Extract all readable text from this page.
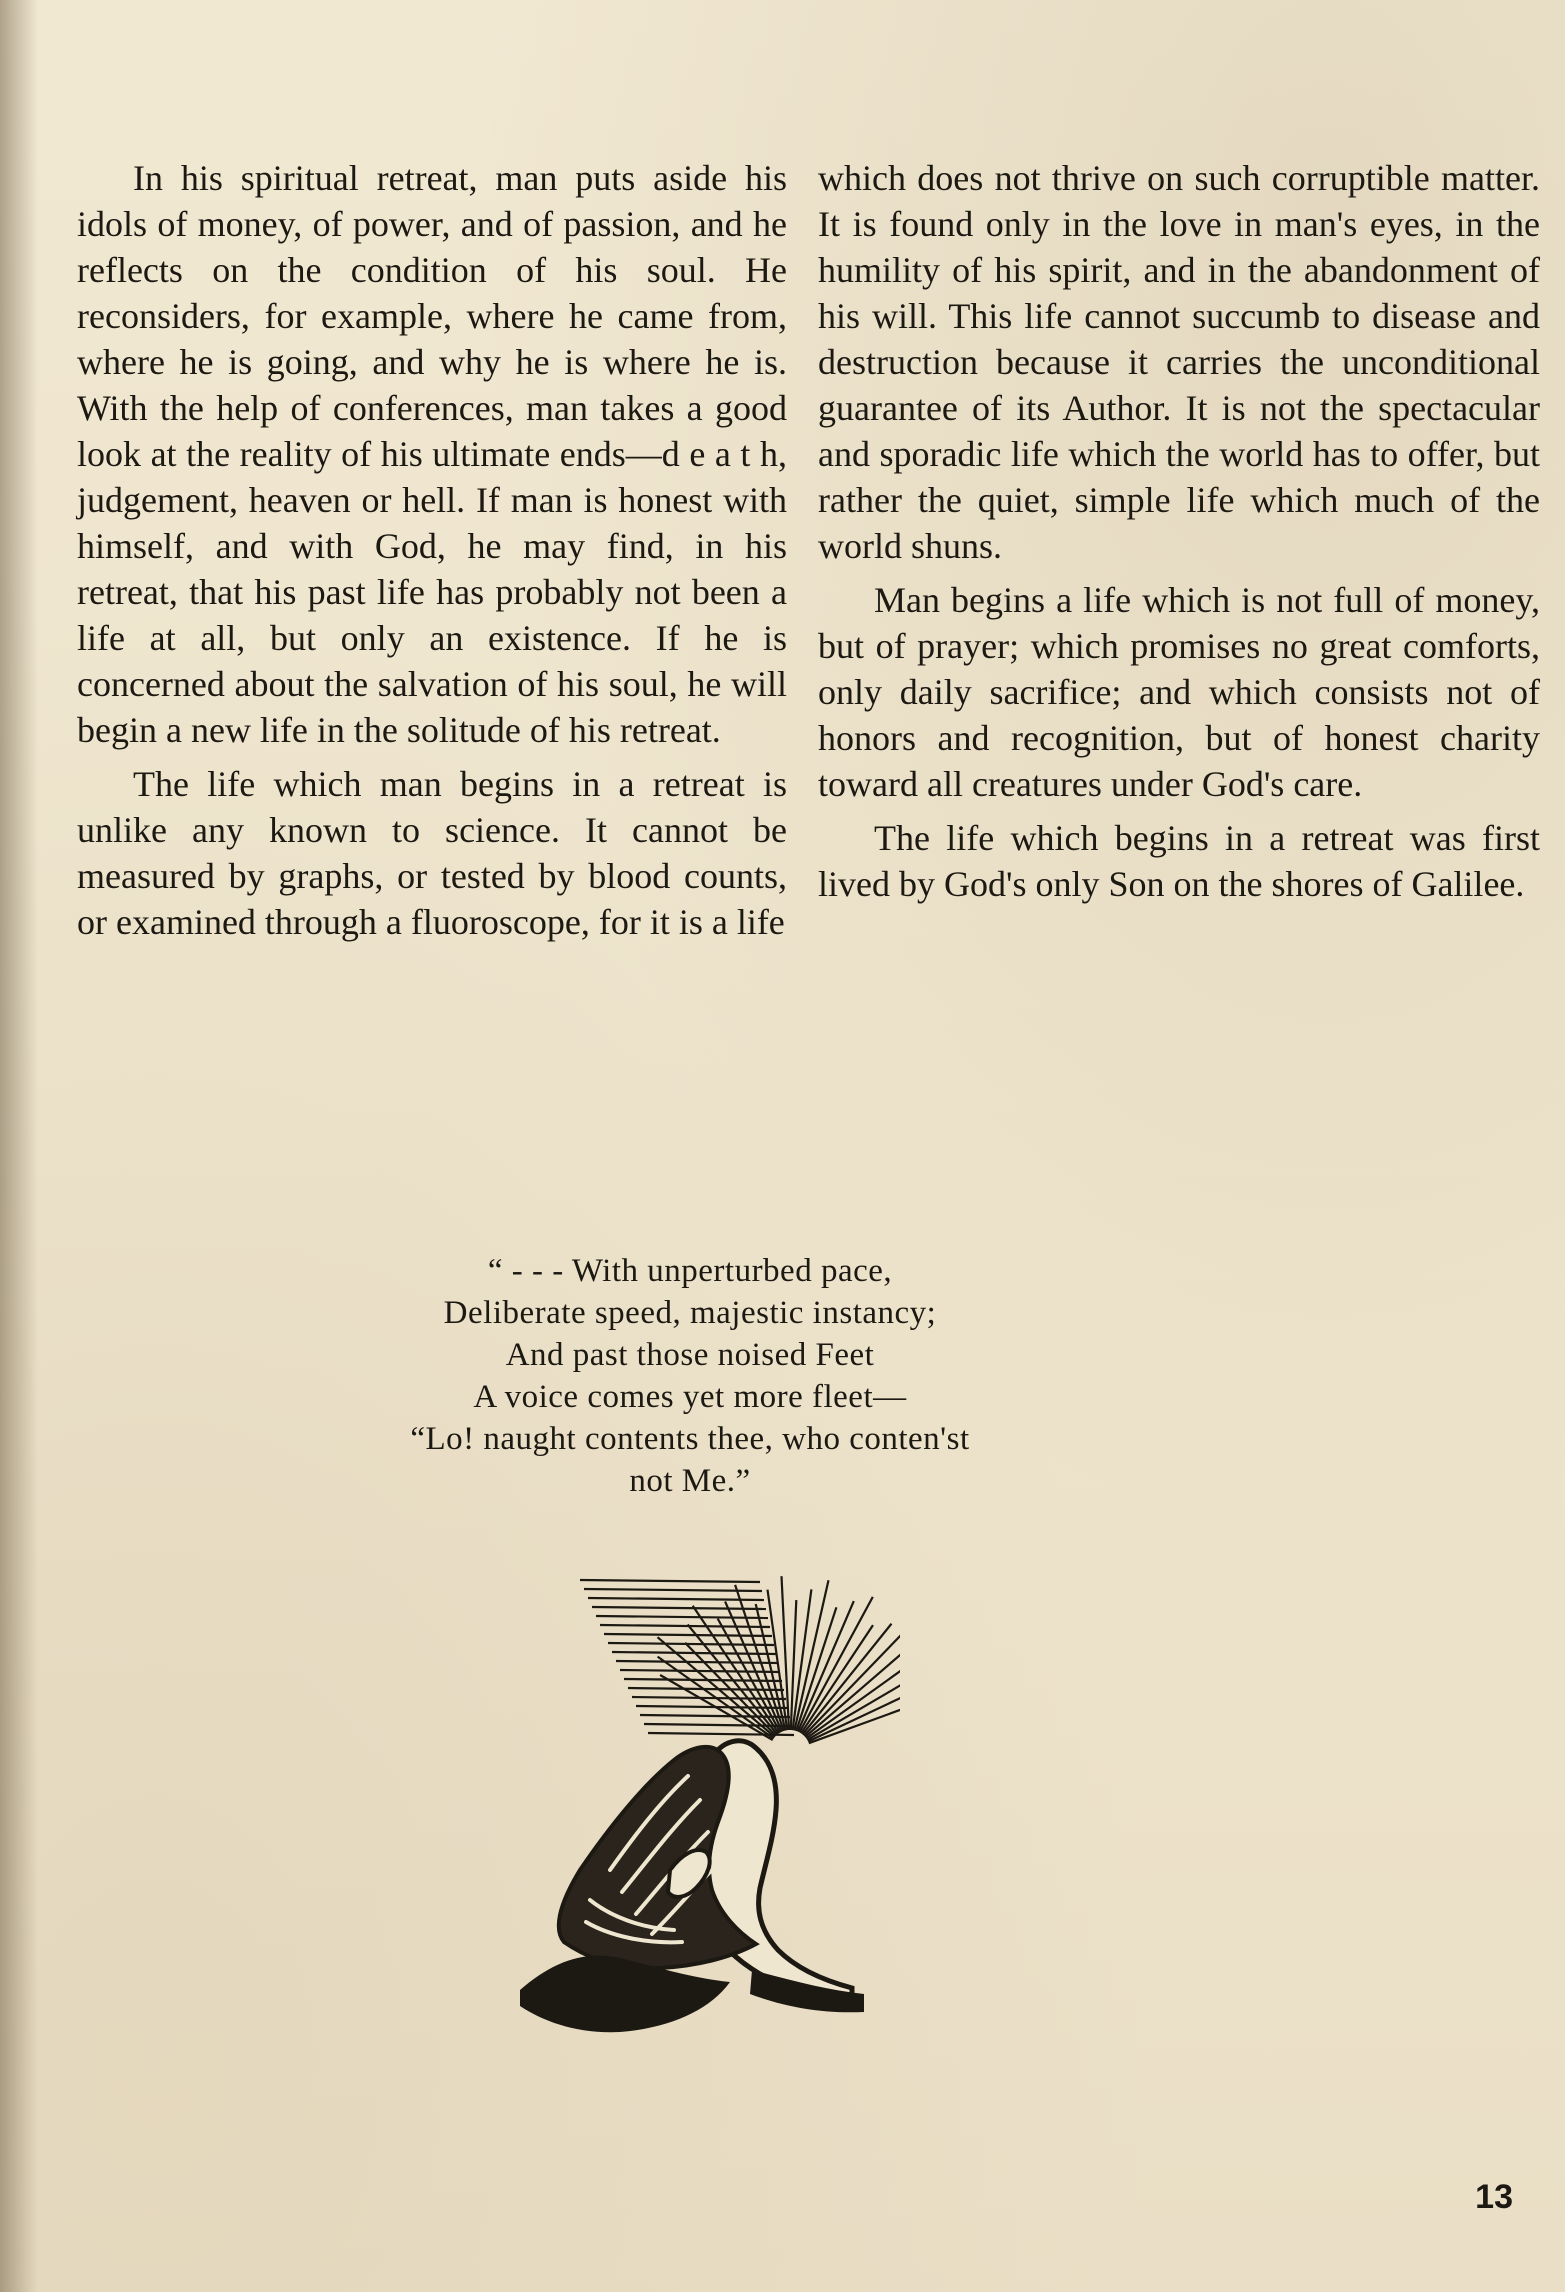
In his spiritual retreat, man puts aside his idols of money, of power, and of passion, and he reflects on the condition of his soul. He reconsiders, for example, where he came from, where he is going, and why he is where he is. With the help of conferences, man takes a good look at the reality of his ultimate ends—d e a t h, judgement, heaven or hell. If man is honest with himself, and with God, he may find, in his retreat, that his past life has probably not been a life at all, but only an existence. If he is concerned about the salvation of his soul, he will begin a new life in the solitude of his retreat.

The life which man begins in a retreat is unlike any known to science. It cannot be measured by graphs, or tested by blood counts, or examined through a fluoroscope, for it is a life

which does not thrive on such corruptible matter. It is found only in the love in man's eyes, in the humility of his spirit, and in the abandonment of his will. This life cannot succumb to disease and destruction because it carries the unconditional guarantee of its Author. It is not the spectacular and sporadic life which the world has to offer, but rather the quiet, simple life which much of the world shuns.

Man begins a life which is not full of money, but of prayer; which promises no great comforts, only daily sacrifice; and which consists not of honors and recognition, but of honest charity toward all creatures under God's care.

The life which begins in a retreat was first lived by God's only Son on the shores of Galilee.

“ - - - With unperturbed pace,
Deliberate speed, majestic instancy;
And past those noised Feet
A voice comes yet more fleet—
“Lo! naught contents thee, who conten'st
not Me.”
13
